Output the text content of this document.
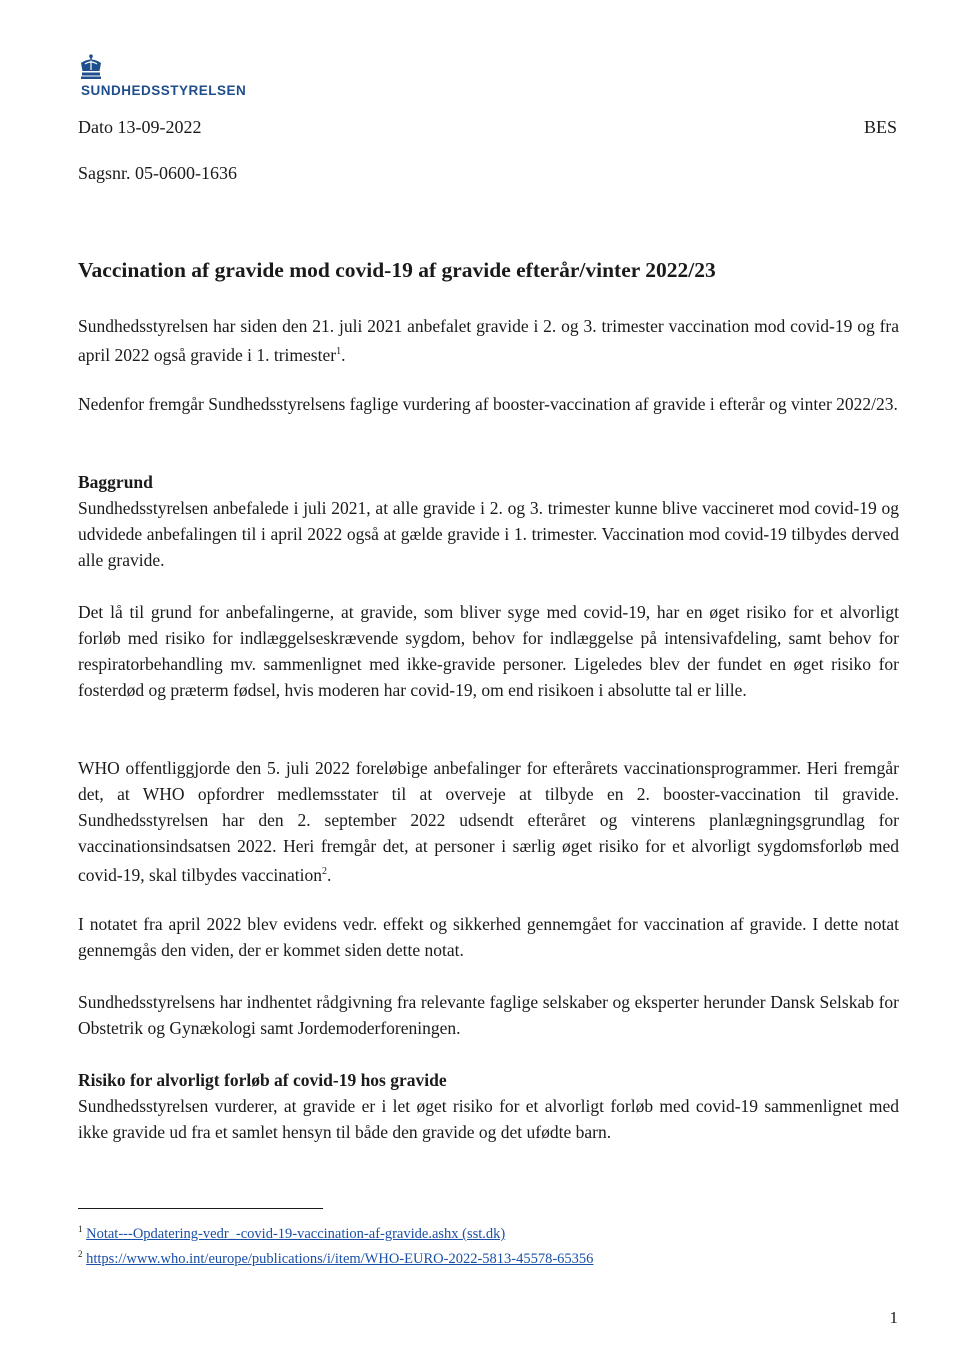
SUNDHEDSSTYRELSEN
Dato 13-09-2022	BES
Sagsnr. 05-0600-1636
Vaccination af gravide mod covid-19 af gravide efterår/vinter 2022/23

Sundhedsstyrelsen har siden den 21. juli 2021 anbefalet gravide i 2. og 3. trimester vaccination mod covid-19 og fra april 2022 også gravide i 1. trimester$^1$.

Nedenfor fremgår Sundhedsstyrelsens faglige vurdering af booster-vaccination af gravide i efterår og vinter 2022/23.

Baggrund

Sundhedsstyrelsen anbefalede i juli 2021, at alle gravide i 2. og 3. trimester kunne blive vaccineret mod covid-19 og udvidede anbefalingen til i april 2022 også at gælde gravide i 1. trimester. Vaccination mod covid-19 tilbydes derved alle gravide.

Det lå til grund for anbefalingerne, at gravide, som bliver syge med covid-19, har en øget risiko for et alvorligt forløb med risiko for indlæggelseskrævende sygdom, behov for indlæggelse på intensivafdeling, samt behov for respiratorbehandling mv. sammenlignet med ikke-gravide personer. Ligeledes blev der fundet en øget risiko for fosterdød og præterm fødsel, hvis moderen har covid-19, om end risikoen i absolutte tal er lille.

WHO offentliggjorde den 5. juli 2022 foreløbige anbefalinger for efterårets vaccinationsprogrammer. Heri fremgår det, at WHO opfordrer medlemsstater til at overveje at tilbyde en 2. booster-vaccination til gravide. Sundhedsstyrelsen har den 2. september 2022 udsendt efteråret og vinterens planlægningsgrundlag for vaccinationsindsatsen 2022. Heri fremgår det, at personer i særlig øget risiko for et alvorligt sygdomsforløb med covid-19, skal tilbydes vaccination$^2$.

I notatet fra april 2022 blev evidens vedr. effekt og sikkerhed gennemgået for vaccination af gravide. I dette notat gennemgås den viden, der er kommet siden dette notat.

Sundhedsstyrelsens har indhentet rådgivning fra relevante faglige selskaber og eksperter herunder Dansk Selskab for Obstetrik og Gynækologi samt Jordemoderforeningen.

Risiko for alvorligt forløb af covid-19 hos gravide

Sundhedsstyrelsen vurderer, at gravide er i let øget risiko for et alvorligt forløb med covid-19 sammenlignet med ikke gravide ud fra et samlet hensyn til både den gravide og det ufødte barn.

$^1$ Notat---Opdatering-vedr_-covid-19-vaccination-af-gravide.ashx (sst.dk)
$^2$ https://www.who.int/europe/publications/i/item/WHO-EURO-2022-5813-45578-65356
1
